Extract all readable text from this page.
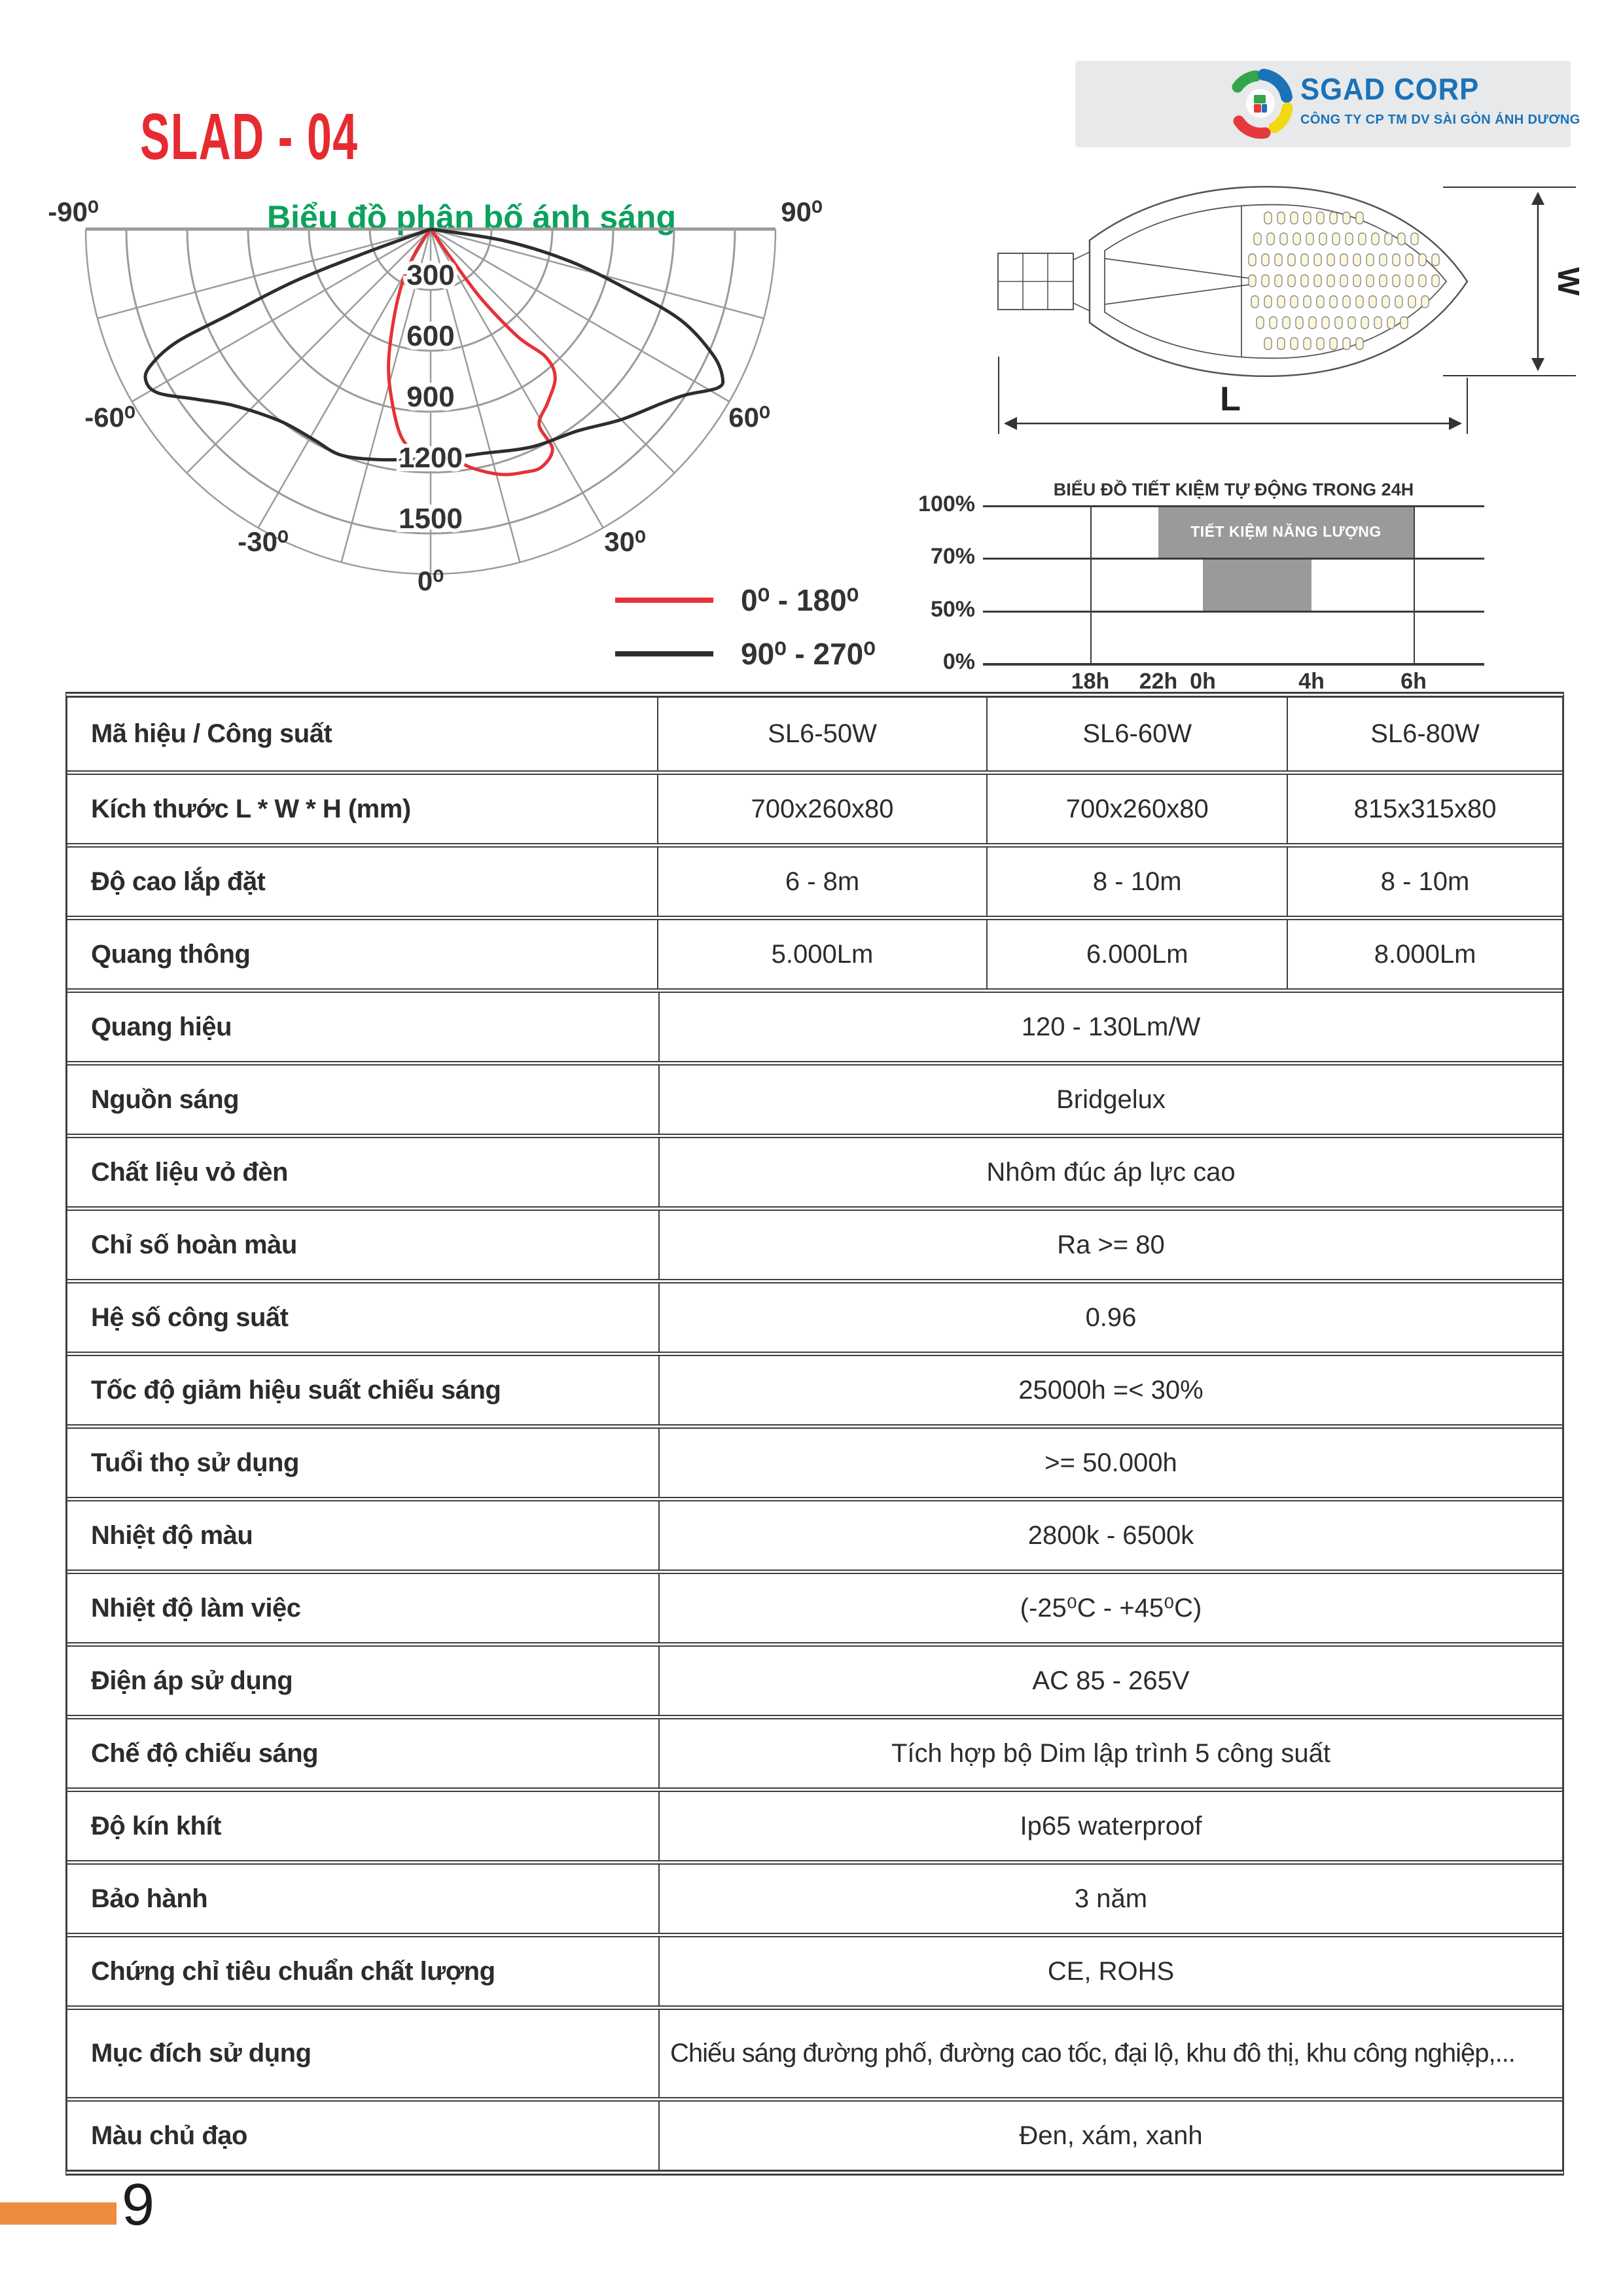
SLAD - 04
SGAD CORP
CÔNG TY CP TM DV SÀI GÒN ÁNH DƯƠNG
Biểu đồ phân bố ánh sáng
300
600
900
1200
1500
-90⁰
-60⁰
-30⁰
0⁰
30⁰
60⁰
90⁰
0⁰ - 180⁰
90⁰ - 270⁰
W
L
BIỂU ĐỒ TIẾT KIỆM TỰ ĐỘNG TRONG 24H
TIẾT KIỆM NĂNG LƯỢNG
100%
70%
50%
0%
18h	22h 0h	4h	6h
Mã hiệu / Công suất	SL6-50W	SL6-60W	SL6-80W
Kích thước L * W * H (mm)	700x260x80	700x260x80	815x315x80
Độ cao lắp đặt	6 - 8m	8 - 10m	8 - 10m
Quang thông	5.000Lm	6.000Lm	8.000Lm
Quang hiệu	120 - 130Lm/W
Nguồn sáng	Bridgelux
Chất liệu vỏ đèn	Nhôm đúc áp lực cao
Chỉ số hoàn màu	Ra >= 80
Hệ số công suất	0.96
Tốc độ giảm hiệu suất chiếu sáng	25000h =< 30%
Tuổi thọ sử dụng	>= 50.000h
Nhiệt độ màu	2800k - 6500k
Nhiệt độ làm việc	(-25⁰C - +45⁰C)
Điện áp sử dụng	AC 85 - 265V
Chế độ chiếu sáng	Tích hợp bộ Dim lập trình 5 công suất
Độ kín khít	Ip65 waterproof
Bảo hành	3 năm
Chứng chỉ tiêu chuẩn chất lượng	CE, ROHS
Mục đích sử dụng	Chiếu sáng đường phố, đường cao tốc, đại lộ, khu đô thị, khu công nghiệp,...
Màu chủ đạo	Đen, xám, xanh
9
